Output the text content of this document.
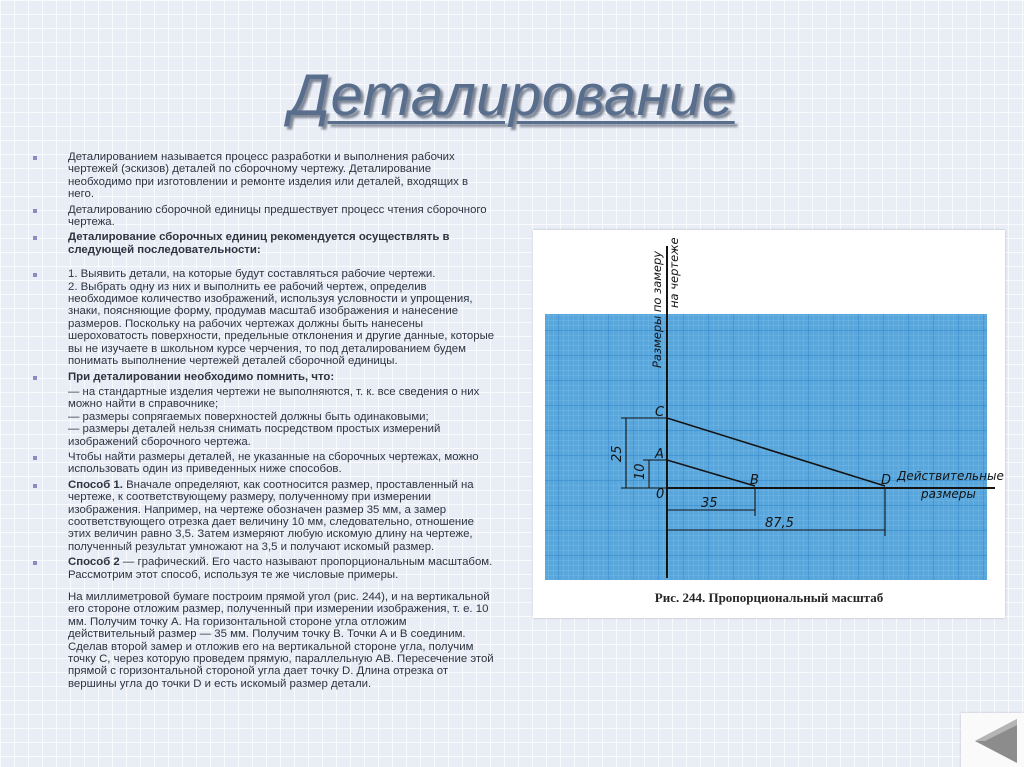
Деталирование

Деталированием называется процесс разработки и выполнения рабочих чертежей (эскизов) деталей по сборочному чертежу. Деталирование необходимо при изготовлении и ремонте изделия или деталей, входящих в него.

Деталированию сборочной единицы предшествует процесс чтения сборочного чертежа.

Деталирование сборочных единиц рекомендуется осуществлять в следующей последовательности:

1. Выявить детали, на которые будут составляться рабочие чертежи.

2. Выбрать одну из них и выполнить ее рабочий чертеж, определив необходимое количество изображений, используя условности и упрощения, знаки, поясняющие форму, продумав масштаб изображения и нанесение размеров. Поскольку на рабочих чертежах должны быть нанесены шероховатость поверхности, предельные отклонения и другие данные, которые вы не изучаете в школьном курсе черчения, то под деталированием будем понимать выполнение чертежей деталей сборочной единицы.

При деталировании необходимо помнить, что:

— на стандартные изделия чертежи не выполняются, т. к. все сведения о них можно найти в справочнике;

— размеры сопрягаемых поверхностей должны быть одинаковыми;

— размеры деталей нельзя снимать посредством простых измерений изображений сборочного чертежа.

Чтобы найти размеры деталей, не указанные на сборочных чертежах, можно использовать один из приведенных ниже способов.

Способ 1. Вначале определяют, как соотносится размер, проставленный на чертеже, к соответствующему размеру, полученному при измерении изображения. Например, на чертеже обозначен размер 35 мм, а замер соответствующего отрезка дает величину 10 мм, следовательно, отношение этих величин равно 3,5. Затем измеряют любую искомую длину на чертеже, полученный результат умножают на 3,5 и получают искомый размер.

Способ 2 — графический. Его часто называют пропорциональным масштабом. Рассмотрим этот способ, используя те же числовые примеры.

На миллиметровой бумаге построим прямой угол (рис. 244), и на вертикальной его стороне отложим размер, полученный при измерении изображения, т. е. 10 мм. Получим точку А. На горизонтальной стороне угла отложим действительный размер — 35 мм. Получим точку В. Точки А и В соединим. Сделав второй замер и отложив его на вертикальной стороне угла, получим точку С, через которую проведем прямую, параллельную АВ. Пересечение этой прямой с горизонтальной стороной угла дает точку D. Длина отрезка от вершины угла до точки D и есть искомый размер детали.

Размеры по замеру на чертеже
Действительные
размеры
C
A
B	D
0
25
10
35
87,5
Рис. 244. Пропорциональный масштаб
